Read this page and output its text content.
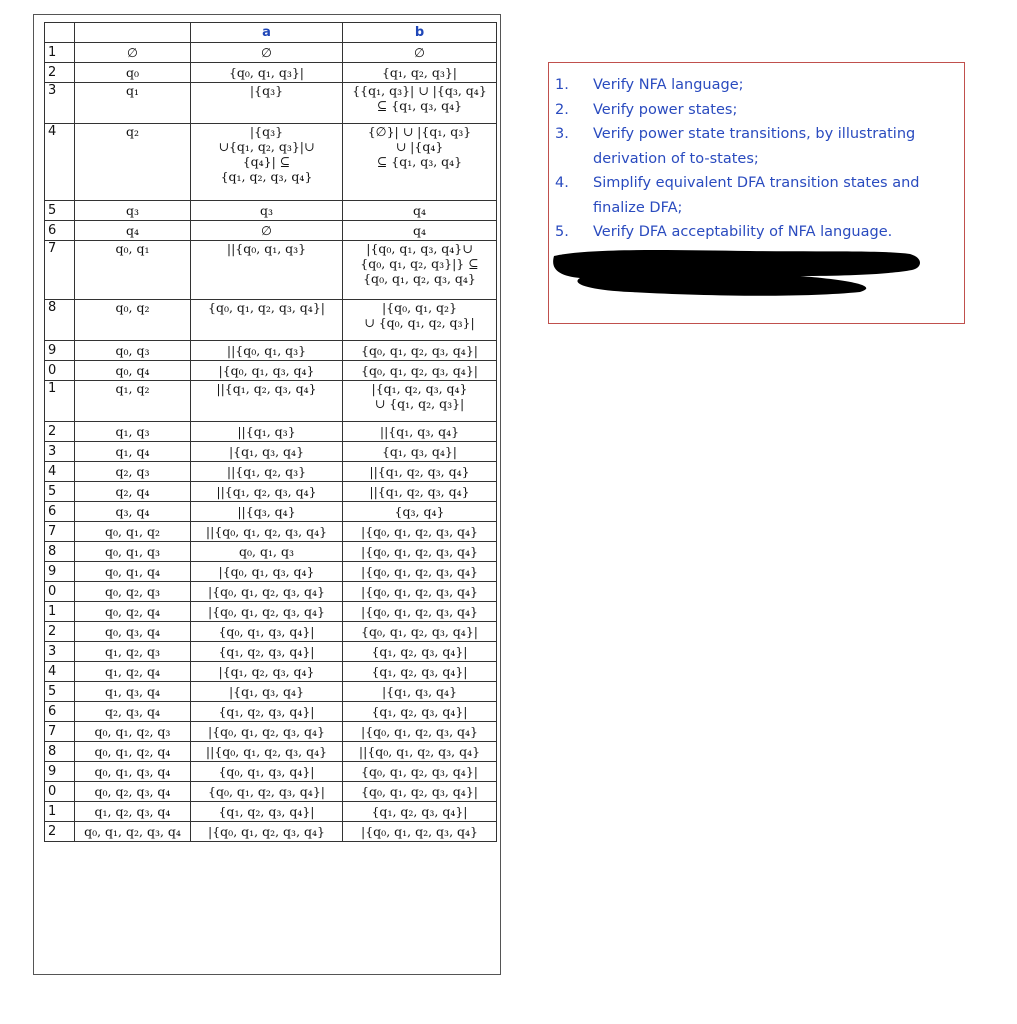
		a	b
1	∅	∅	∅
2	q₀	{q₀, q₁, q₃}|	{q₁, q₂, q₃}|
3	q₁	|{q₃}	{{q₁, q₃}| ∪ |{q₃, q₄}
⊆ {q₁, q₃, q₄}
4	q₂	|{q₃}
∪{q₁, q₂, q₃}|∪
{q₄}| ⊆
{q₁, q₂, q₃, q₄}	{∅}| ∪ |{q₁, q₃}
∪ |{q₄}
⊆ {q₁, q₃, q₄}
5	q₃	q₃	q₄
6	q₄	∅	q₄
7	q₀, q₁	||{q₀, q₁, q₃}	|{q₀, q₁, q₃, q₄}∪
{q₀, q₁, q₂, q₃}|} ⊆
{q₀, q₁, q₂, q₃, q₄}
8	q₀, q₂	{q₀, q₁, q₂, q₃, q₄}|	|{q₀, q₁, q₂}
∪ {q₀, q₁, q₂, q₃}|
9	q₀, q₃	||{q₀, q₁, q₃}	{q₀, q₁, q₂, q₃, q₄}|
0	q₀, q₄	|{q₀, q₁, q₃, q₄}	{q₀, q₁, q₂, q₃, q₄}|
1	q₁, q₂	||{q₁, q₂, q₃, q₄}	|{q₁, q₂, q₃, q₄}
∪ {q₁, q₂, q₃}|
2	q₁, q₃	||{q₁, q₃}	||{q₁, q₃, q₄}
3	q₁, q₄	|{q₁, q₃, q₄}	{q₁, q₃, q₄}|
4	q₂, q₃	||{q₁, q₂, q₃}	||{q₁, q₂, q₃, q₄}
5	q₂, q₄	||{q₁, q₂, q₃, q₄}	||{q₁, q₂, q₃, q₄}
6	q₃, q₄	||{q₃, q₄}	{q₃, q₄}
7	q₀, q₁, q₂	||{q₀, q₁, q₂, q₃, q₄}	|{q₀, q₁, q₂, q₃, q₄}
8	q₀, q₁, q₃	q₀, q₁, q₃	|{q₀, q₁, q₂, q₃, q₄}
9	q₀, q₁, q₄	|{q₀, q₁, q₃, q₄}	|{q₀, q₁, q₂, q₃, q₄}
0	q₀, q₂, q₃	|{q₀, q₁, q₂, q₃, q₄}	|{q₀, q₁, q₂, q₃, q₄}
1	q₀, q₂, q₄	|{q₀, q₁, q₂, q₃, q₄}	|{q₀, q₁, q₂, q₃, q₄}
2	q₀, q₃, q₄	{q₀, q₁, q₃, q₄}|	{q₀, q₁, q₂, q₃, q₄}|
3	q₁, q₂, q₃	{q₁, q₂, q₃, q₄}|	{q₁, q₂, q₃, q₄}|
4	q₁, q₂, q₄	|{q₁, q₂, q₃, q₄}	{q₁, q₂, q₃, q₄}|
5	q₁, q₃, q₄	|{q₁, q₃, q₄}	|{q₁, q₃, q₄}
6	q₂, q₃, q₄	{q₁, q₂, q₃, q₄}|	{q₁, q₂, q₃, q₄}|
7	q₀, q₁, q₂, q₃	|{q₀, q₁, q₂, q₃, q₄}	|{q₀, q₁, q₂, q₃, q₄}
8	q₀, q₁, q₂, q₄	||{q₀, q₁, q₂, q₃, q₄}	||{q₀, q₁, q₂, q₃, q₄}
9	q₀, q₁, q₃, q₄	{q₀, q₁, q₃, q₄}|	{q₀, q₁, q₂, q₃, q₄}|
0	q₀, q₂, q₃, q₄	{q₀, q₁, q₂, q₃, q₄}|	{q₀, q₁, q₂, q₃, q₄}|
1	q₁, q₂, q₃, q₄	{q₁, q₂, q₃, q₄}|	{q₁, q₂, q₃, q₄}|
2	q₀, q₁, q₂, q₃, q₄	|{q₀, q₁, q₂, q₃, q₄}	|{q₀, q₁, q₂, q₃, q₄}
1.	Verify NFA language;
2.	Verify power states;
3.	Verify power state transitions, by illustrating derivation of to-states;
4.	Simplify equivalent DFA transition states and finalize DFA;
5.	Verify DFA acceptability of NFA language.
